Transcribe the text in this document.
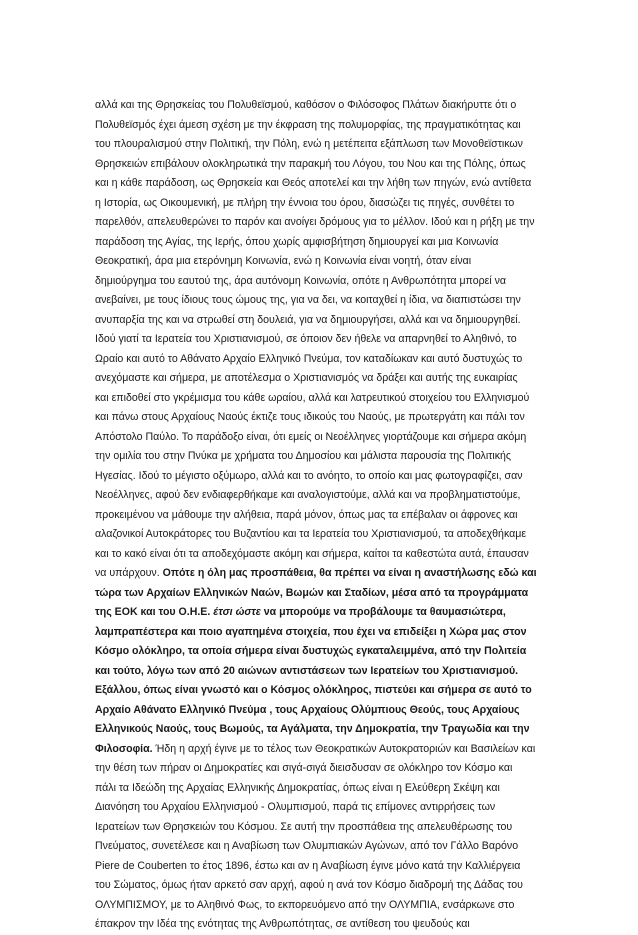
αλλά και της Θρησκείας του Πολυθεϊσμού, καθόσον ο Φιλόσοφος Πλάτων διακήρυττε ότι ο
Πολυθεϊσμός έχει άμεση σχέση με την έκφραση της πολυμορφίας, της πραγματικότητας και
του πλουραλισμού στην Πολιτική, την Πόλη, ενώ η μετέπειτα εξάπλωση των Μονοθεϊστικων
Θρησκειών επιβάλουν ολοκληρωτικά την παρακμή του Λόγου, του Νου και της Πόλης, όπως
και η κάθε παράδοση, ως Θρησκεία και Θεός αποτελεί και την λήθη των πηγών, ενώ αντίθετα
η Ιστορία, ως Οικουμενική, με πλήρη την έννοια του όρου, διασώζει τις πηγές, συνθέτει το
παρελθόν, απελευθερώνει το παρόν και ανοίγει δρόμους για το μέλλον. Ιδού και η ρήξη με την
παράδοση της Αγίας, της Ιερής, όπου χωρίς αμφισβήτηση δημιουργεί και μια Κοινωνία
Θεοκρατική, άρα μια ετερόνημη Κοινωνία, ενώ η Κοινωνία είναι νοητή, όταν είναι
δημιούργημα του εαυτού της, άρα αυτόνομη Κοινωνία, οπότε η Ανθρωπότητα μπορεί να
ανεβαίνει, με τους ίδιους τους ώμους της, για να δει, να κοιταχθεί η ίδια, να διαπιστώσει την
ανυπαρξία της και να στρωθεί στη δουλειά, για να δημιουργήσει, αλλά και να δημιουργηθεί.
Ιδού γιατί τα Ιερατεία του Χριστιανισμού, σε όποιον δεν ήθελε να απαρνηθεί το Αληθινό, το
Ωραίο και αυτό το Αθάνατο Αρχαίο Ελληνικό Πνεύμα, τον καταδίωκαν και αυτό δυστυχώς το
ανεχόμαστε και σήμερα, με αποτέλεσμα ο Χριστιανισμός να δράξει και αυτής της ευκαιρίας
και επιδοθεί στο γκρέμισμα του κάθε ωραίου, αλλά και λατρευτικού στοιχείου του Ελληνισμού
και πάνω στους Αρχαίους Ναούς έκτιζε τους ιδικούς του Ναούς, με πρωτεργάτη και πάλι τον
Απόστολο Παύλο. Το παράδοξο είναι, ότι εμείς οι Νεοέλληνες γιορτάζουμε και σήμερα ακόμη
την ομιλία του στην Πνύκα με χρήματα του Δημοσίου και μάλιστα παρουσία της Πολιτικής
Ηγεσίας. Ιδού το μέγιστο οξύμωρο, αλλά και το ανόητο, το οποίο και μας φωτογραφίζει, σαν
Νεοέλληνες, αφού δεν ενδιαφερθήκαμε και αναλογιστούμε, αλλά και να προβληματιστούμε,
προκειμένου να μάθουμε την αλήθεια, παρά μόνον, όπως μας τα επέβαλαν οι άφρονες και
αλαζονικοί Αυτοκράτορες του Βυζαντίου και τα Ιερατεία του Χριστιανισμού, τα αποδεχθήκαμε
και το κακό είναι ότι τα αποδεχόμαστε ακόμη και σήμερα, καίτοι τα καθεστώτα αυτά, έπαυσαν
να υπάρχουν. Οπότε η όλη μας προσπάθεια, θα πρέπει να είναι η αναστήλωσης εδώ και
τώρα των Αρχαίων Ελληνικών Ναών, Βωμών και Σταδίων, μέσα από τα προγράμματα
της ΕΟΚ και του Ο.Η.Ε. έτσι ώστε να μπορούμε να προβάλουμε τα θαυμασιώτερα,
λαμπραπέστερα και ποιο αγαπημένα στοιχεία, που έχει να επιδείξει η Χώρα μας στον
Κόσμο ολόκληρο, τα οποία σήμερα είναι δυστυχώς εγκαταλειμμένα, από την Πολιτεία
και τούτο, λόγω των από 20 αιώνων αντιστάσεων των Ιερατείων του Χριστιανισμού.
Εξάλλου, όπως είναι γνωστό και ο Κόσμος ολόκληρος, πιστεύει και σήμερα σε αυτό το
Αρχαίο Αθάνατο Ελληνικό Πνεύμα , τους Αρχαίους Ολύμπιους Θεούς, τους Αρχαίους
Ελληνικούς Ναούς, τους Βωμούς, τα Αγάλματα, την Δημοκρατία, την Τραγωδία και την
Φιλοσοφία. Ήδη η αρχή έγινε με το τέλος των Θεοκρατικών Αυτοκρατοριών και Βασιλείων και
την θέση των πήραν οι Δημοκρατίες και σιγά-σιγά διεισδυσαν σε ολόκληρο τον Κόσμο και
πάλι τα Ιδεώδη της Αρχαίας Ελληνικής Δημοκρατίας, όπως είναι η Ελεύθερη Σκέψη και
Διανόηση του Αρχαίου Ελληνισμού - Ολυμπισμού, παρά τις επίμονες αντιρρήσεις των
Ιερατείων των Θρησκειών του Κόσμου. Σε αυτή την προσπάθεια της απελευθέρωσης του
Πνεύματος, συνετέλεσε και η Αναβίωση των Ολυμπιακών Αγώνων, από τον Γάλλο Βαρόνο
Piere de Couberten το έτος 1896, έστω και αν η Αναβίωση έγινε μόνο κατά την Καλλιέργεια
του Σώματος, όμως ήταν αρκετό σαν αρχή, αφού η ανά τον Κόσμο διαδρομή της Δάδας του
ΟΛΥΜΠΙΣΜΟΥ, με το Αληθινό Φως, το εκπορευόμενο από την ΟΛΥΜΠΙΑ, ενσάρκωνε στο
έπακρον την Ιδέα της ενότητας της Ανθρωπότητας, σε αντίθεση του ψευδούς και
